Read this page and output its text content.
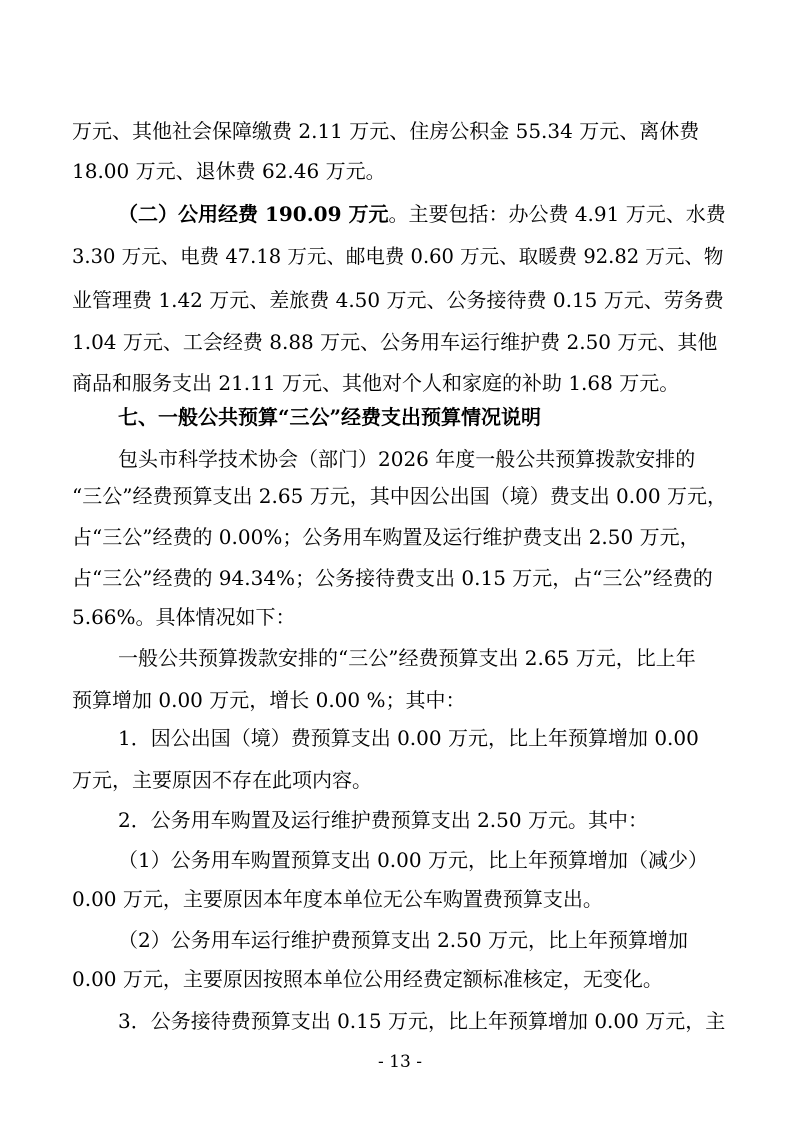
万元、其他社会保障缴费 2.11 万元、住房公积金 55.34 万元、离休费
18.00 万元、退休费 62.46 万元。
（二）公用经费 190.09 万元。主要包括：办公费 4.91 万元、水费
3.30 万元、电费 47.18 万元、邮电费 0.60 万元、取暖费 92.82 万元、物
业管理费 1.42 万元、差旅费 4.50 万元、公务接待费 0.15 万元、劳务费
1.04 万元、工会经费 8.88 万元、公务用车运行维护费 2.50 万元、其他
商品和服务支出 21.11 万元、其他对个人和家庭的补助 1.68 万元。
七、一般公共预算“三公”经费支出预算情况说明
包头市科学技术协会（部门）2026 年度一般公共预算拨款安排的
“三公”经费预算支出 2.65 万元，其中因公出国（境）费支出 0.00 万元，
占“三公”经费的 0.00%；公务用车购置及运行维护费支出 2.50 万元，
占“三公”经费的 94.34%；公务接待费支出 0.15 万元，占“三公”经费的
5.66%。具体情况如下：
一般公共预算拨款安排的“三公”经费预算支出 2.65 万元，比上年
预算增加 0.00 万元，增长 0.00 %；其中：
1．因公出国（境）费预算支出 0.00 万元，比上年预算增加 0.00
万元，主要原因不存在此项内容。
2．公务用车购置及运行维护费预算支出 2.50 万元。其中：
（1）公务用车购置预算支出 0.00 万元，比上年预算增加（减少）
0.00 万元，主要原因本年度本单位无公车购置费预算支出。
（2）公务用车运行维护费预算支出 2.50 万元，比上年预算增加
0.00 万元，主要原因按照本单位公用经费定额标准核定，无变化。
3．公务接待费预算支出 0.15 万元，比上年预算增加 0.00 万元，主
- 13 -
